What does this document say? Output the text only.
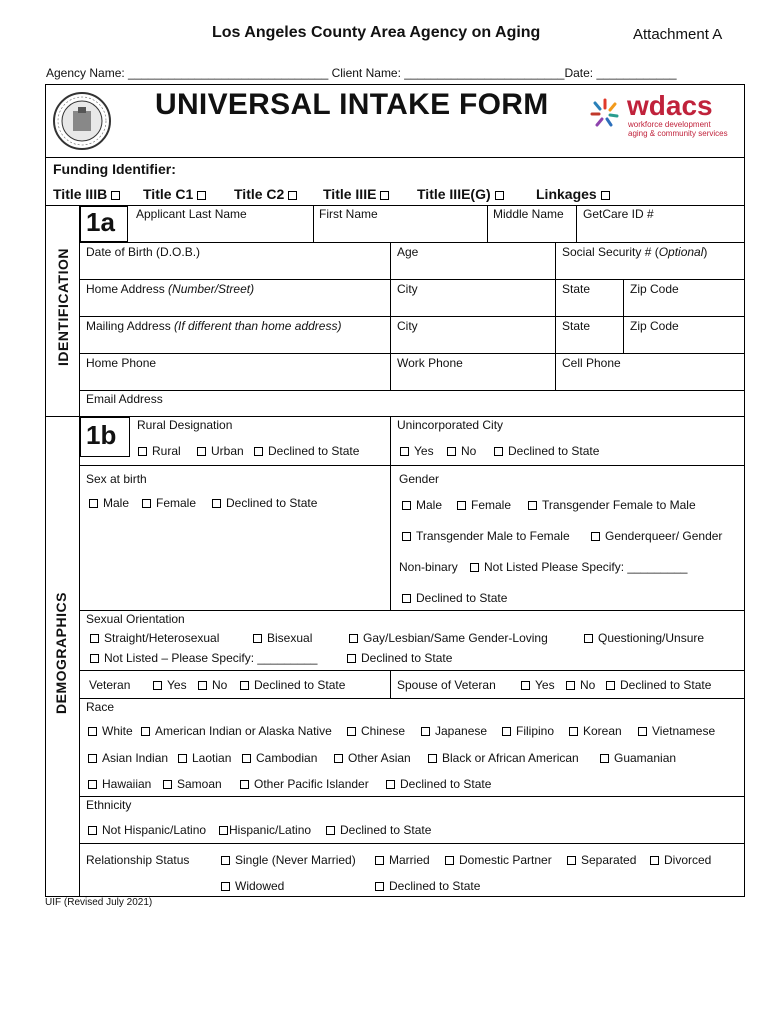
Los Angeles County Area Agency on Aging	Attachment A
Agency Name: ______________________________ Client Name: ________________________Date: ____________
UNIVERSAL INTAKE FORM	wdacs
workforce development
aging & community services
Funding Identifier:
Title IIIB	Title C1	Title C2	Title IIIE	Title IIIE(G)	Linkages
IDENTIFICATION
1a Applicant Last Name	First Name	Middle Name GetCare ID #
Date of Birth (D.O.B.)	Age	Social Security # (Optional)
Home Address (Number/Street)	City	State	Zip Code
Mailing Address (If different than home address)	City	State	Zip Code
Home Phone	Work Phone	Cell Phone
Email Address
DEMOGRAPHICS
1b Rural Designation
Rural	Urban	Declined to State
Unincorporated City
Yes	No	Declined to State
Sex at birth
Male	Female	Declined to State
Gender
Male	Female	Transgender Female to Male
Transgender Male to Female	Genderqueer/ Gender
Non-binary	Not Listed Please Specify: _________
Declined to State
Sexual Orientation
Straight/Heterosexual	Bisexual	Gay/Lesbian/Same Gender-Loving	Questioning/Unsure
Not Listed – Please Specify: _________	Declined to State
Veteran	Yes	No	Declined to State	Spouse of Veteran	Yes	No	Declined to State
Race
White	American Indian or Alaska Native	Chinese	Japanese	Filipino	Korean	Vietnamese
Asian Indian	Laotian	Cambodian	Other Asian	Black or African American	Guamanian
Hawaiian	Samoan	Other Pacific Islander	Declined to State
Ethnicity
Not Hispanic/Latino	Hispanic/Latino	Declined to State
Relationship Status	Single (Never Married)	Married	Domestic Partner	Separated	Divorced
Widowed	Declined to State
UIF (Revised July 2021)
